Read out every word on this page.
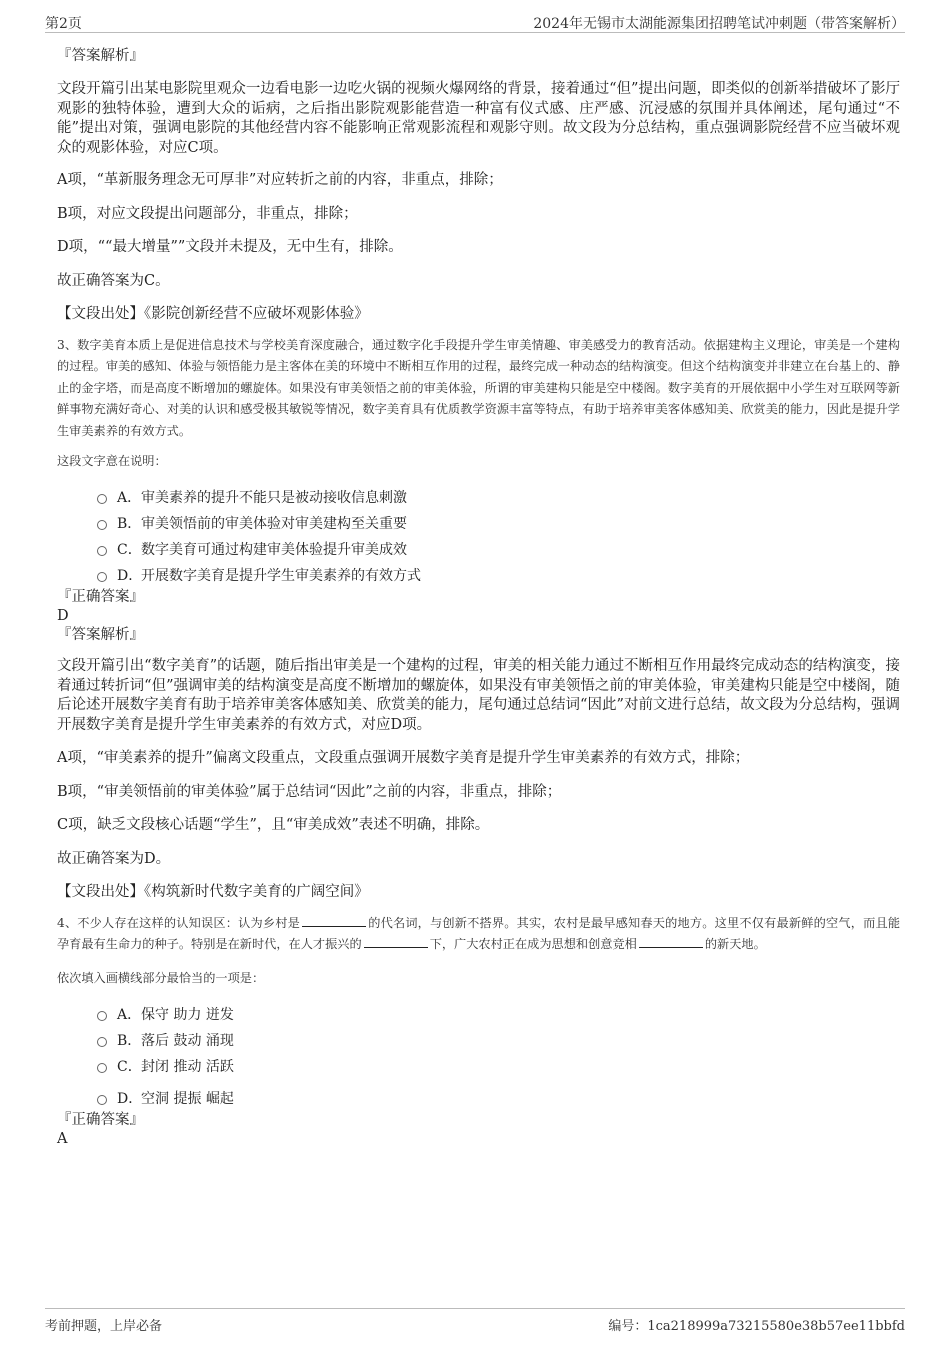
第2页	2024年无锡市太湖能源集团招聘笔试冲刺题（带答案解析）

『答案解析』

文段开篇引出某电影院里观众一边看电影一边吃火锅的视频火爆网络的背景，接着通过“但”提出问题，即类似的创新举措破坏了影厅观影的独特体验，遭到大众的诟病，之后指出影院观影能营造一种富有仪式感、庄严感、沉浸感的氛围并具体阐述，尾句通过“不能”提出对策，强调电影院的其他经营内容不能影响正常观影流程和观影守则。故文段为分总结构，重点强调影院经营不应当破坏观众的观影体验，对应C项。

A项，“革新服务理念无可厚非”对应转折之前的内容，非重点，排除；

B项，对应文段提出问题部分，非重点，排除；

D项，““最大增量””文段并未提及，无中生有，排除。

故正确答案为C。

【文段出处】《影院创新经营不应破坏观影体验》

3、数字美育本质上是促进信息技术与学校美育深度融合，通过数字化手段提升学生审美情趣、审美感受力的教育活动。依据建构主义理论，审美是一个建构的过程。审美的感知、体验与领悟能力是主客体在美的环境中不断相互作用的过程，最终完成一种动态的结构演变。但这个结构演变并非建立在台基上的、静止的金字塔，而是高度不断增加的螺旋体。如果没有审美领悟之前的审美体验，所谓的审美建构只能是空中楼阁。数字美育的开展依据中小学生对互联网等新鲜事物充满好奇心、对美的认识和感受极其敏锐等情况，数字美育具有优质教学资源丰富等特点，有助于培养审美客体感知美、欣赏美的能力，因此是提升学生审美素养的有效方式。

这段文字意在说明：

A．审美素养的提升不能只是被动接收信息刺激
B．审美领悟前的审美体验对审美建构至关重要
C．数字美育可通过构建审美体验提升审美成效
D．开展数字美育是提升学生审美素养的有效方式

『正确答案』

D

『答案解析』

文段开篇引出“数字美育”的话题，随后指出审美是一个建构的过程，审美的相关能力通过不断相互作用最终完成动态的结构演变，接着通过转折词“但”强调审美的结构演变是高度不断增加的螺旋体，如果没有审美领悟之前的审美体验，审美建构只能是空中楼阁，随后论述开展数字美育有助于培养审美客体感知美、欣赏美的能力，尾句通过总结词“因此”对前文进行总结，故文段为分总结构，强调开展数字美育是提升学生审美素养的有效方式，对应D项。

A项，“审美素养的提升”偏离文段重点，文段重点强调开展数字美育是提升学生审美素养的有效方式，排除；

B项，“审美领悟前的审美体验”属于总结词“因此”之前的内容，非重点，排除；

C项，缺乏文段核心话题“学生”，且“审美成效”表述不明确，排除。

故正确答案为D。

【文段出处】《构筑新时代数字美育的广阔空间》

4、不少人存在这样的认知误区：认为乡村是	的代名词，与创新不搭界。其实，农村是最早感知春天的地方。这里不仅有最新鲜的空气，而且能孕育最有生命力的种子。特别是在新时代，在人才振兴的	下，广大农村正在成为思想和创意竞相	的新天地。

依次填入画横线部分最恰当的一项是：

A．保守 助力 迸发
B．落后 鼓动 涌现
C．封闭 推动 活跃
D．空洞 提振 崛起

『正确答案』

A

考前押题，上岸必备	编号：1ca218999a73215580e38b57ee11bbfd
